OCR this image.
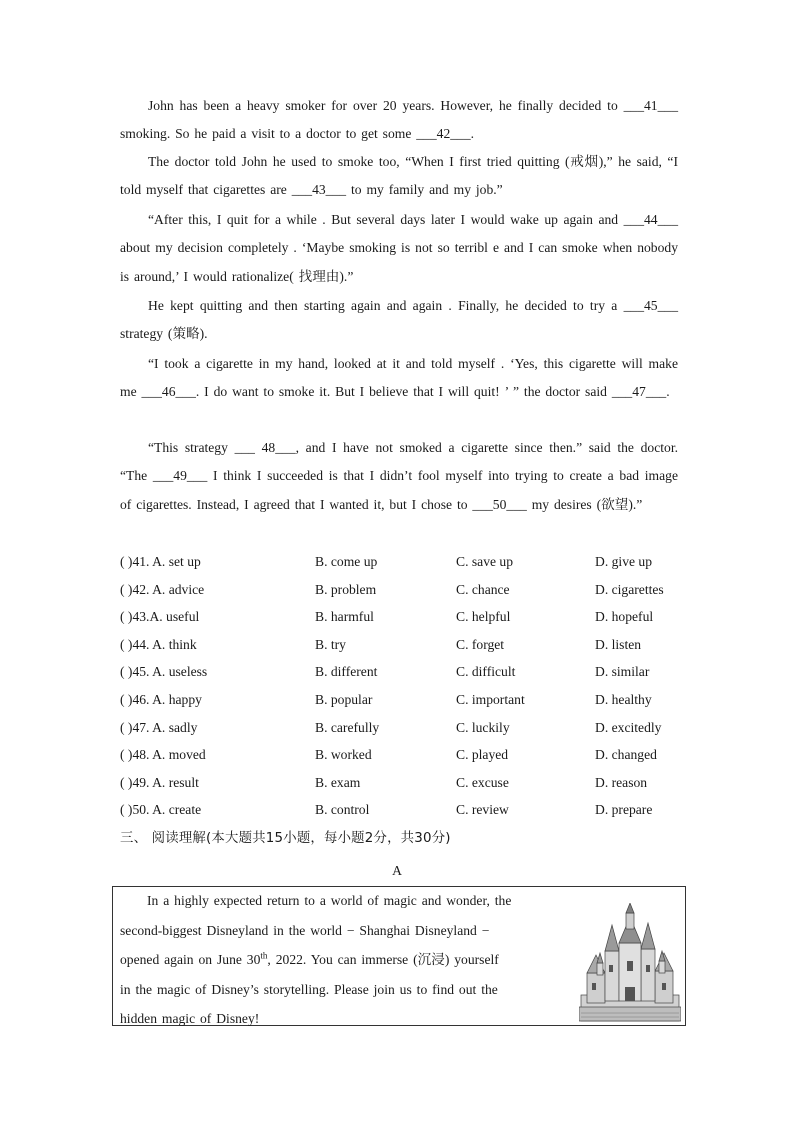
John has been a heavy smoker for over 20 years. However, he finally decided to ___41___ smoking. So he paid a visit to a doctor to get some ___42___.

The doctor told John he used to smoke too, “When I first tried quitting (戒烟),” he said, “I told myself that cigarettes are ___43___ to my family and my job.”

“After this, I quit for a while . But several days later I would wake up again and ___44___ about my decision completely . ‘Maybe smoking is not so terribl e and I can smoke when nobody is around,’ I would rationalize( 找理由).”

He kept quitting and then starting again and again . Finally, he decided to try a ___45___ strategy (策略).

“I took a cigarette in my hand, looked at it and told myself . ‘Yes, this cigarette will make me ___46___. I do want to smoke it. But I believe that I will quit! ’ ” the doctor said ___47___.

“This strategy ___ 48___, and I have not smoked a cigarette since then.” said the doctor. “The ___49___ I think I succeeded is that I didn’t fool myself into trying to create a bad image of cigarettes. Instead, I agreed that I wanted it, but I chose to ___50___ my desires (欲望).”

( )41. A. set up	B. come up	C. save up	D. give up
( )42. A. advice	B. problem	C. chance	D. cigarettes
( )43.A. useful	B. harmful	C. helpful	D. hopeful
( )44. A. think	B. try	C. forget	D. listen
( )45. A. useless	B. different	C. difficult	D. similar
( )46. A. happy	B. popular	C. important	D. healthy
( )47. A. sadly	B. carefully	C. luckily	D. excitedly
( )48. A. moved	B. worked	C. played	D. changed
( )49. A. result	B. exam	C. excuse	D. reason
( )50. A. create	B. control	C. review	D. prepare
三、 阅读理解(本大题共15小题，每小题2分，共30分)
A
In a highly expected return to a world of magic and wonder, the
second-biggest Disneyland in the world − Shanghai Disneyland −
opened again on June 30th, 2022. You can immerse (沉浸) yourself
in the magic of Disney’s storytelling. Please join us to find out the
hidden magic of Disney!
